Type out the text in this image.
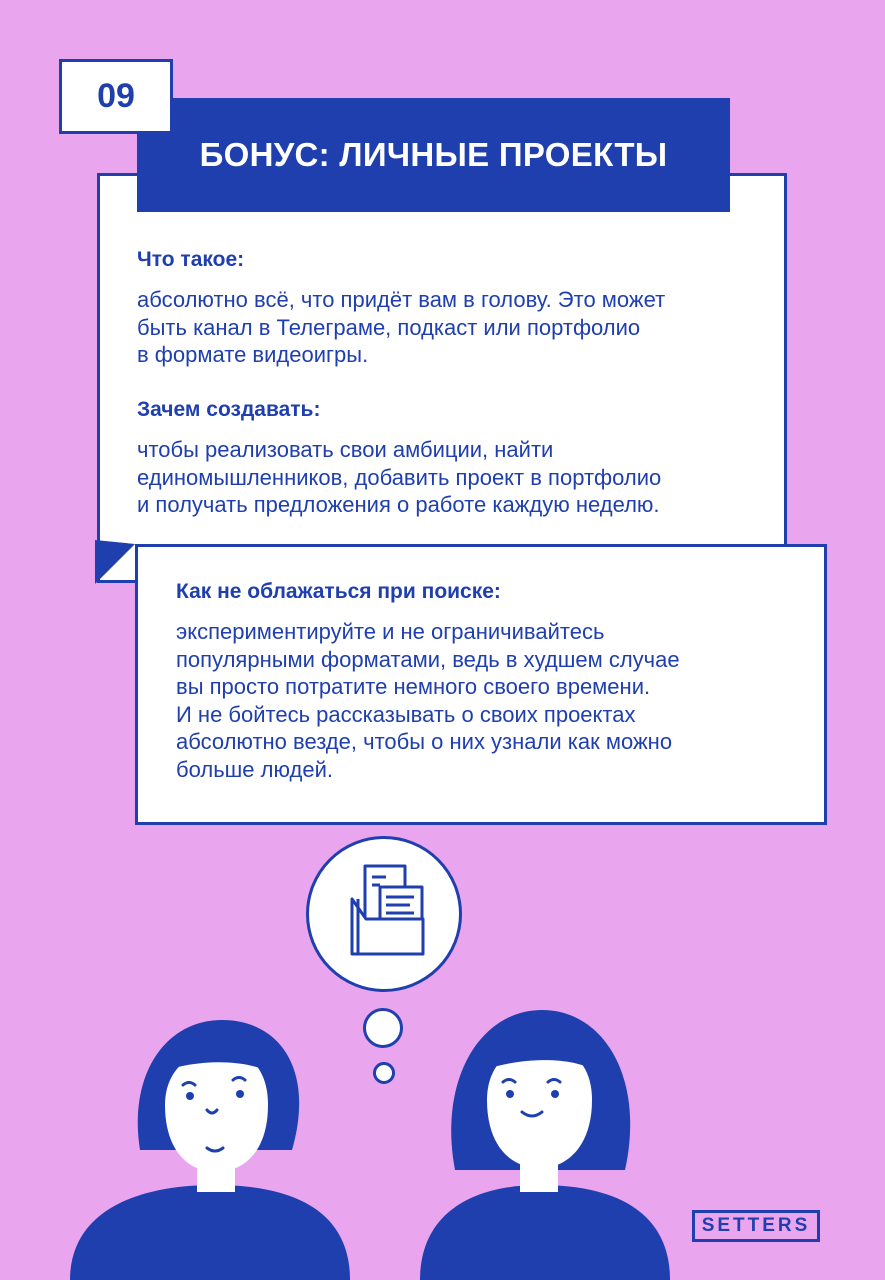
09
БОНУС: ЛИЧНЫЕ ПРОЕКТЫ

Что такое:

абсолютно всё, что придёт вам в голову. Это может
быть канал в Телеграме, подкаст или портфолио
в формате видеоигры.

Зачем создавать:

чтобы реализовать свои амбиции, найти
единомышленников, добавить проект в портфолио
и получать предложения о работе каждую неделю.

Как не облажаться при поиске:

экспериментируйте и не ограничивайтесь
популярными форматами, ведь в худшем случае
вы просто потратите немного своего времени.
И не бойтесь рассказывать о своих проектах
абсолютно везде, чтобы о них узнали как можно
больше людей.

SETTERS
